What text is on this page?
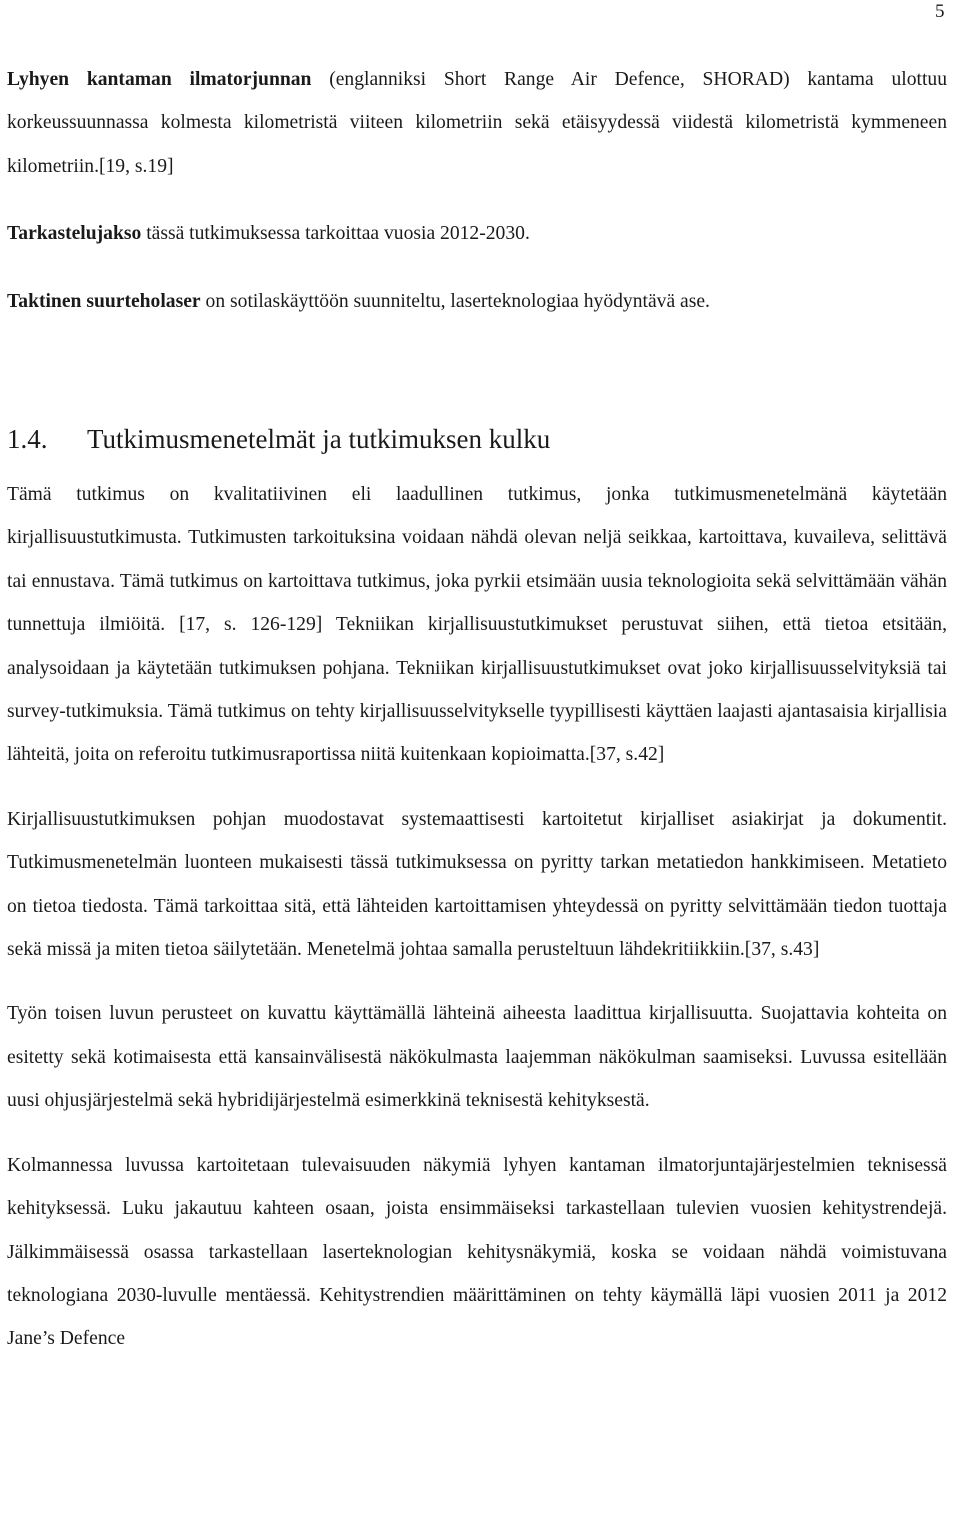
5

Lyhyen kantaman ilmatorjunnan (englanniksi Short Range Air Defence, SHORAD) kantama ulottuu korkeussuunnassa kolmesta kilometristä viiteen kilometriin sekä etäisyydessä viidestä kilometristä kymmeneen kilometriin.[19, s.19]

Tarkastelujakso tässä tutkimuksessa tarkoittaa vuosia 2012-2030.

Taktinen suurteholaser on sotilaskäyttöön suunniteltu, laserteknologiaa hyödyntävä ase.

1.4. Tutkimusmenetelmät ja tutkimuksen kulku

Tämä tutkimus on kvalitatiivinen eli laadullinen tutkimus, jonka tutkimusmenetelmänä käytetään kirjallisuustutkimusta. Tutkimusten tarkoituksina voidaan nähdä olevan neljä seikkaa, kartoittava, kuvaileva, selittävä tai ennustava. Tämä tutkimus on kartoittava tutkimus, joka pyrkii etsimään uusia teknologioita sekä selvittämään vähän tunnettuja ilmiöitä. [17, s. 126-129] Tekniikan kirjallisuustutkimukset perustuvat siihen, että tietoa etsitään, analysoidaan ja käytetään tutkimuksen pohjana. Tekniikan kirjallisuustutkimukset ovat joko kirjallisuusselvityksiä tai survey-tutkimuksia. Tämä tutkimus on tehty kirjallisuusselvitykselle tyypillisesti käyttäen laajasti ajantasaisia kirjallisia lähteitä, joita on referoitu tutkimusraportissa niitä kuitenkaan kopioimatta.[37, s.42]

Kirjallisuustutkimuksen pohjan muodostavat systemaattisesti kartoitetut kirjalliset asiakirjat ja dokumentit. Tutkimusmenetelmän luonteen mukaisesti tässä tutkimuksessa on pyritty tarkan metatiedon hankkimiseen. Metatieto on tietoa tiedosta. Tämä tarkoittaa sitä, että lähteiden kartoittamisen yhteydessä on pyritty selvittämään tiedon tuottaja sekä missä ja miten tietoa säilytetään. Menetelmä johtaa samalla perusteltuun lähdekritiikkiin.[37, s.43]

Työn toisen luvun perusteet on kuvattu käyttämällä lähteinä aiheesta laadittua kirjallisuutta. Suojattavia kohteita on esitetty sekä kotimaisesta että kansainvälisestä näkökulmasta laajemman näkökulman saamiseksi. Luvussa esitellään uusi ohjusjärjestelmä sekä hybridijärjestelmä esimerkkinä teknisestä kehityksestä.

Kolmannessa luvussa kartoitetaan tulevaisuuden näkymiä lyhyen kantaman ilmatorjuntajärjestelmien teknisessä kehityksessä. Luku jakautuu kahteen osaan, joista ensimmäiseksi tarkastellaan tulevien vuosien kehitystrendejä. Jälkimmäisessä osassa tarkastellaan laserteknologian kehitysnäkymiä, koska se voidaan nähdä voimistuvana teknologiana 2030-luvulle mentäessä. Kehitystrendien määrittäminen on tehty käymällä läpi vuosien 2011 ja 2012 Jane’s Defence
